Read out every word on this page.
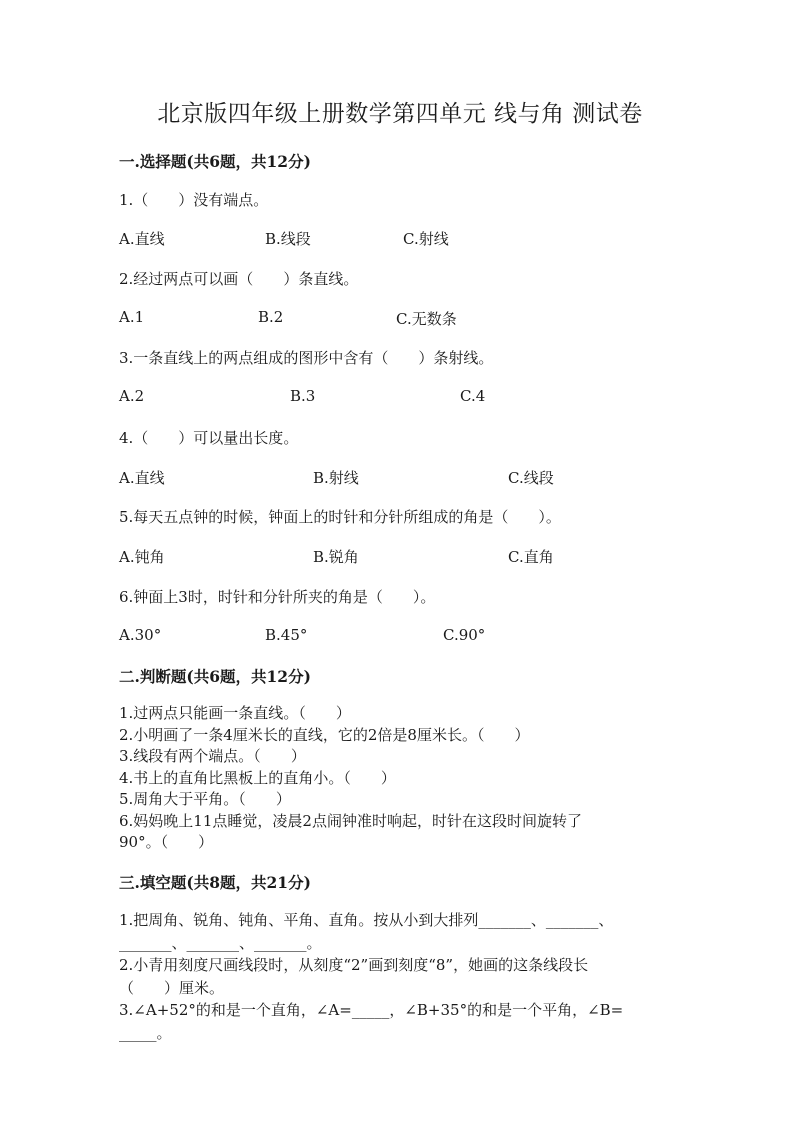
北京版四年级上册数学第四单元 线与角 测试卷
一.选择题(共6题，共12分)
1.（　　）没有端点。
A.直线	B.线段	C.射线
2.经过两点可以画（　　）条直线。
A.1	B.2	C.无数条
3.一条直线上的两点组成的图形中含有（　　）条射线。
A.2	B.3	C.4
4.（　　）可以量出长度。
A.直线	B.射线	C.线段
5.每天五点钟的时候，钟面上的时针和分针所组成的角是（　　）。
A.钝角	B.锐角	C.直角
6.钟面上3时，时针和分针所夹的角是（　　）。
A.30°	B.45°	C.90°
二.判断题(共6题，共12分)
1.过两点只能画一条直线。（　　）
2.小明画了一条4厘米长的直线，它的2倍是8厘米长。（　　）
3.线段有两个端点。（　　）
4.书上的直角比黑板上的直角小。（　　）
5.周角大于平角。（　　）
6.妈妈晚上11点睡觉，凌晨2点闹钟准时响起，时针在这段时间旋转了
90°。（　　）
三.填空题(共8题，共21分)
1.把周角、锐角、钝角、平角、直角。按从小到大排列_______、_______、
_______、_______、_______。
2.小青用刻度尺画线段时，从刻度“2”画到刻度“8”，她画的这条线段长
（　　）厘米。
3.∠A+52°的和是一个直角，∠A=_____，∠B+35°的和是一个平角，∠B=
_____。
